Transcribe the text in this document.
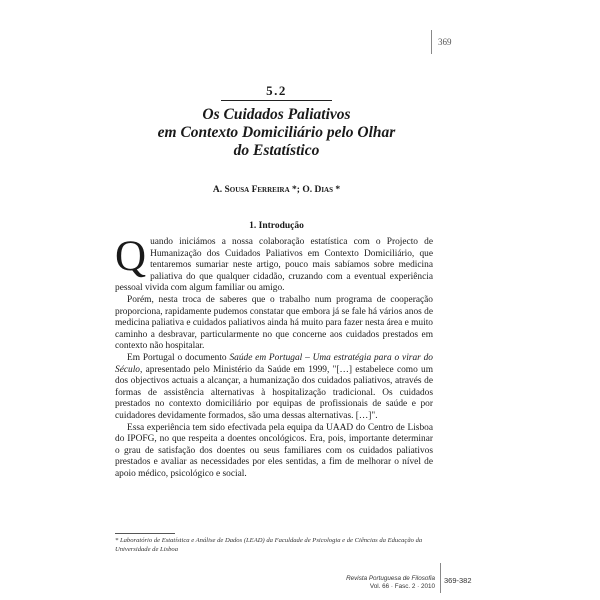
369
5.2
Os Cuidados Paliativos
em Contexto Domiciliário pelo Olhar
do Estatístico
A. Sousa Ferreira *; O. Dias *
1. Introdução

Quando iniciámos a nossa colaboração estatística com o Projecto de Humanização dos Cuidados Paliativos em Contexto Domiciliário, que tentaremos sumariar neste artigo, pouco mais sabíamos sobre medicina paliativa do que qualquer cidadão, cruzando com a eventual experiência pessoal vivida com algum familiar ou amigo.

Porém, nesta troca de saberes que o trabalho num programa de cooperação proporciona, rapidamente pudemos constatar que embora já se fale há vários anos de medicina paliativa e cuidados paliativos ainda há muito para fazer nesta área e muito caminho a desbravar, particularmente no que concerne aos cuidados prestados em contexto não hospitalar.

Em Portugal o documento Saúde em Portugal – Uma estratégia para o virar do Século, apresentado pelo Ministério da Saúde em 1999, "[…] estabelece como um dos objectivos actuais a alcançar, a humanização dos cuidados paliativos, através de formas de assistência alternativas à hospitalização tradicional. Os cuidados prestados no contexto domiciliário por equipas de profissionais de saúde e por cuidadores devidamente formados, são uma dessas alternativas. […]".

Essa experiência tem sido efectivada pela equipa da UAAD do Centro de Lisboa do IPOFG, no que respeita a doentes oncológicos. Era, pois, importante determinar o grau de satisfação dos doentes ou seus familiares com os cuidados paliativos prestados e avaliar as necessidades por eles sentidas, a fim de melhorar o nível de apoio médico, psicológico e social.

* Laboratório de Estatística e Análise de Dados (LEAD) da Faculdade de Psicologia e de Ciências da Educação da Universidade de Lisboa
Revista Portuguesa de Filosofia
Vol. 66 · Fasc. 2 · 2010
369-382
